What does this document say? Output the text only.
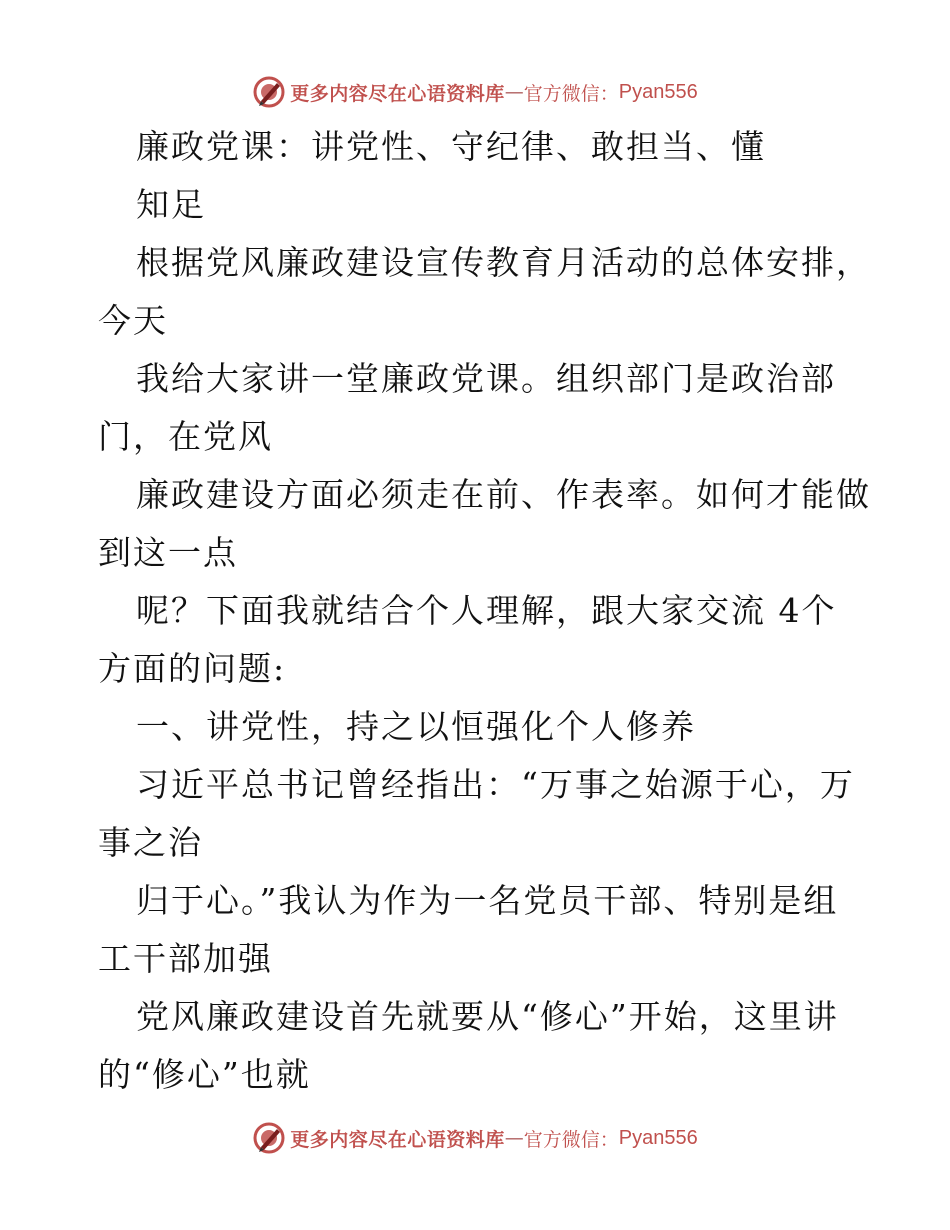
更多内容尽在心语资料库 — 官方微信： Pyan556
廉政党课：讲党性、守纪律、敢担当、懂
知足
根据党风廉政建设宣传教育月活动的总体安排，
今天
我给大家讲一堂廉政党课。组织部门是政治部
门，在党风
廉政建设方面必须走在前、作表率。如何才能做
到这一点
呢？下面我就结合个人理解，跟大家交流 4个
方面的问题:
一、讲党性，持之以恒强化个人修养
习近平总书记曾经指出：“万事之始源于心，万
事之治
归于心。”我认为作为一名党员干部、特别是组
工干部加强
党风廉政建设首先就要从“修心”开始，这里讲
的“修心”也就
更多内容尽在心语资料库 — 官方微信： Pyan556
